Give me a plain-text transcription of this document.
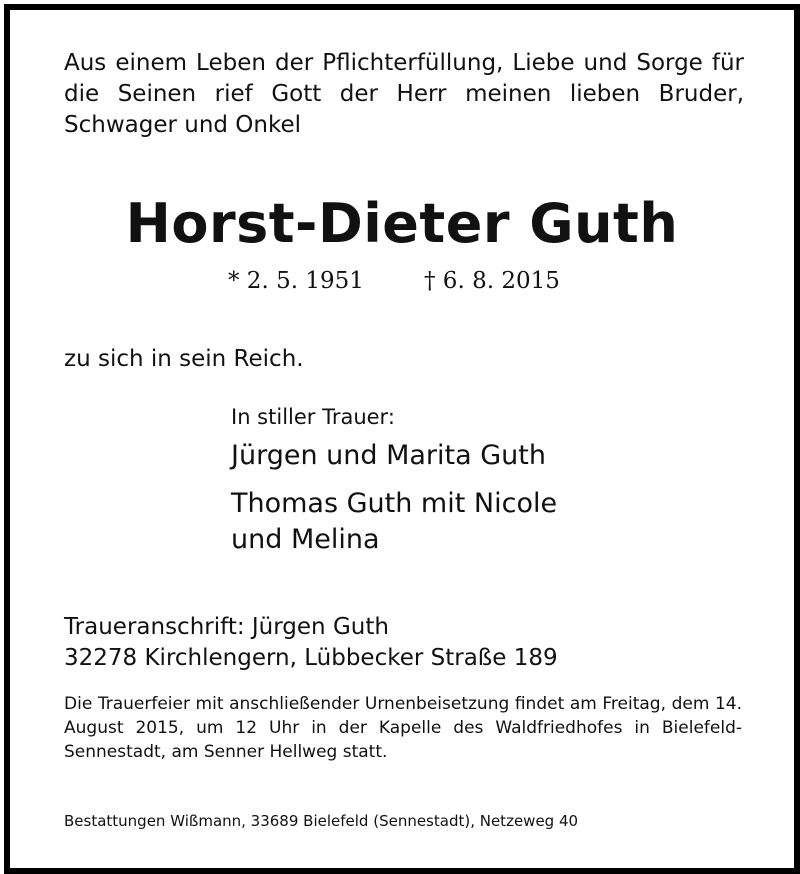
Aus einem Leben der Pflichterfüllung, Liebe und Sorge für die Seinen rief Gott der Herr meinen lieben Bruder, Schwager und Onkel

Horst-Dieter Guth
* 2. 5. 1951	† 6. 8. 2015

zu sich in sein Reich.

In stiller Trauer:

Jürgen und Marita Guth

Thomas Guth mit Nicole
und Melina

Traueranschrift: Jürgen Guth

32278 Kirchlengern, Lübbecker Straße 189

Die Trauerfeier mit anschließender Urnenbeisetzung findet am Freitag, dem 14. August 2015, um 12 Uhr in der Kapelle des Waldfriedhofes in Bielefeld-Sennestadt, am Senner Hellweg statt.

Bestattungen Wißmann, 33689 Bielefeld (Sennestadt), Netzeweg 40
